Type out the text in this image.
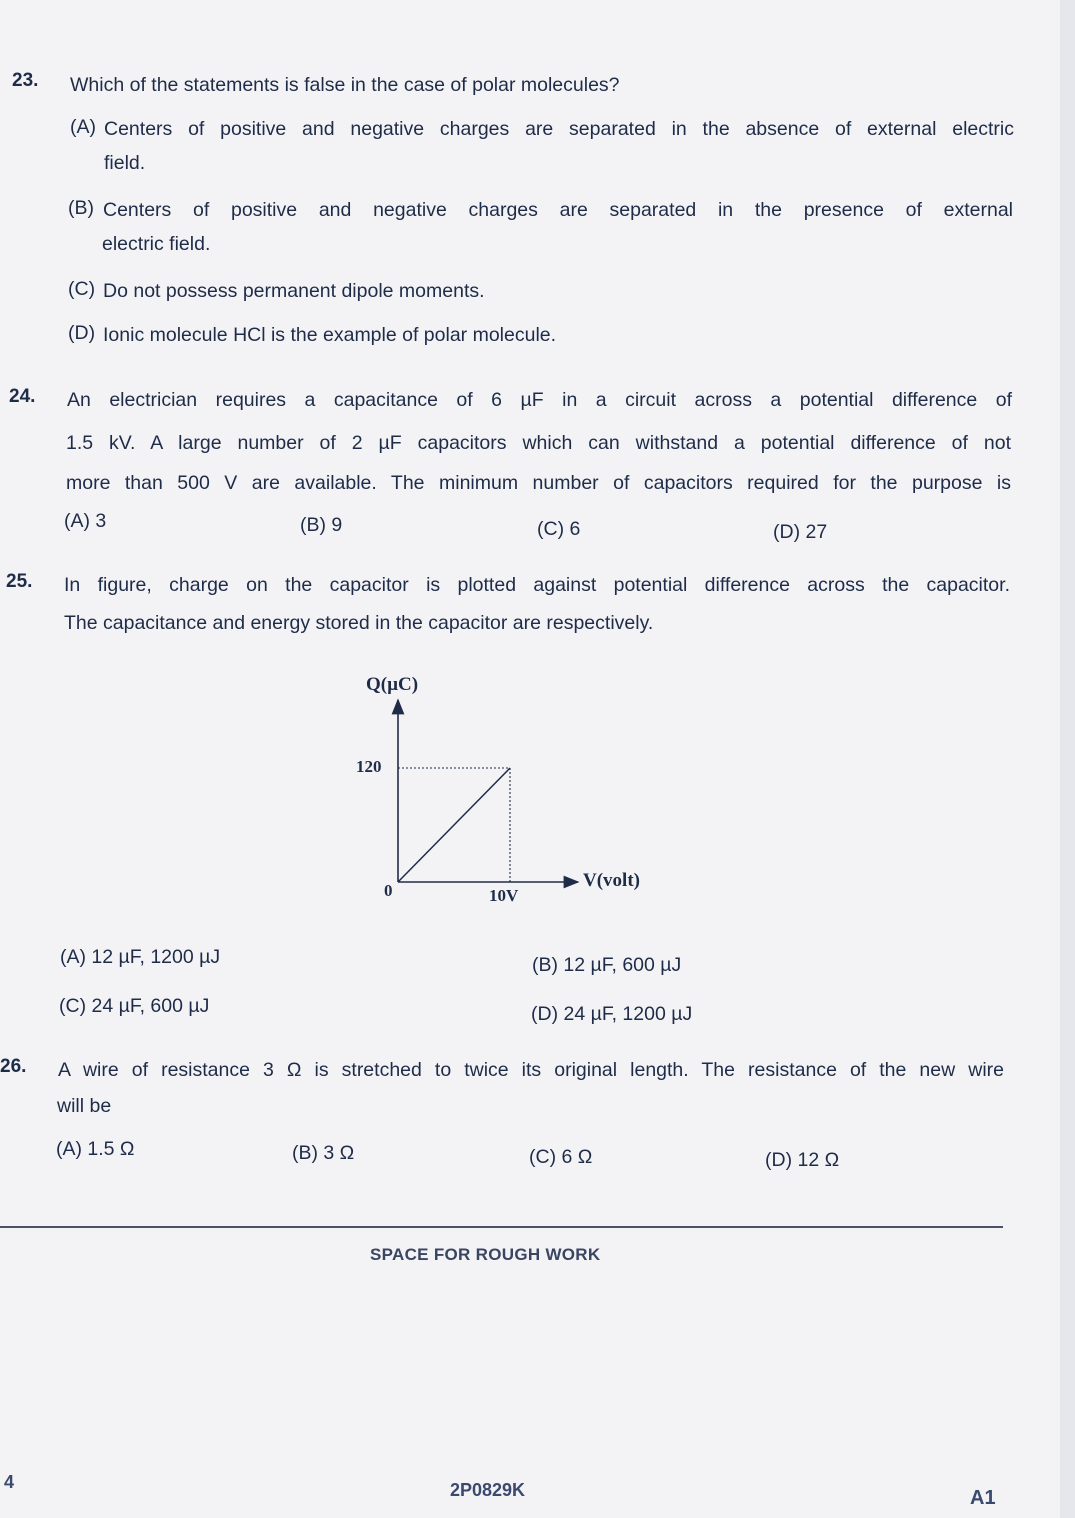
23. Which of the statements is false in the case of polar molecules?
(A) Centers of positive and negative charges are separated in the absence of external electric
field.
(B) Centers of positive and negative charges are separated in the presence of external
electric field.
(C) Do not possess permanent dipole moments.
(D) Ionic molecule HCl is the example of polar molecule.
24. An electrician requires a capacitance of 6 µF in a circuit across a potential difference of
1.5 kV. A large number of 2 µF capacitors which can withstand a potential difference of not
more than 500 V are available. The minimum number of capacitors required for the purpose is
(A) 3	(B) 9	(C) 6	(D) 27
25. In figure, charge on the capacitor is plotted against potential difference across the capacitor.
The capacitance and energy stored in the capacitor are respectively.
Q(µC)
V(volt)
0	10V
120
(A) 12 µF, 1200 µJ	(B) 12 µF, 600 µJ
(C) 24 µF, 600 µJ	(D) 24 µF, 1200 µJ
26. A wire of resistance 3 Ω is stretched to twice its original length. The resistance of the new wire
will be
(A) 1.5 Ω	(B) 3 Ω	(C) 6 Ω	(D) 12 Ω
SPACE FOR ROUGH WORK
4	2P0829K	A1
